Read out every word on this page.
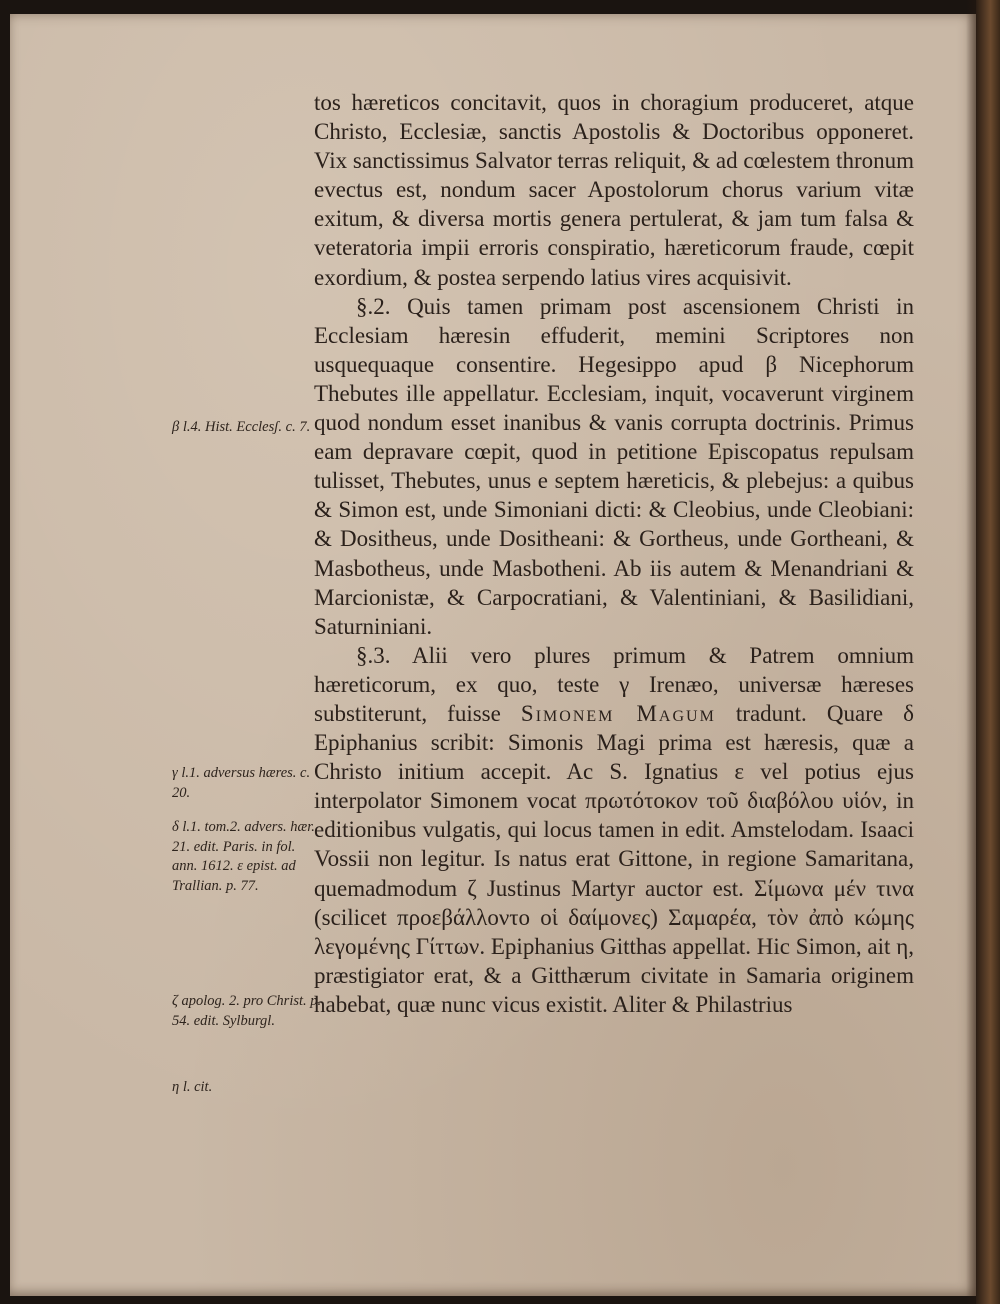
β l.4. Hist. Ecclesʃ. c. 7.
γ l.1. adversus hæres. c. 20.
δ l.1. tom.2. advers. hær. 21. edit. Paris. in fol. ann. 1612. ε epist. ad Trallian. p. 77.
ζ apolog. 2. pro Christ. p. 54. edit. Sylburgl.
η l. cit.

tos hæreticos concitavit, quos in choragium produceret, atque Christo, Ecclesiæ, sanctis Apostolis & Doctoribus opponeret. Vix sanctissimus Salvator terras reliquit, & ad cœlestem thronum evectus est, nondum sacer Apostolorum chorus varium vitæ exitum, & diversa mortis genera pertulerat, & jam tum falsa & veteratoria impii erroris conspiratio, hæreticorum fraude, cœpit exordium, & postea serpendo latius vires acquisivit.

§.2. Quis tamen primam post ascensionem Christi in Ecclesiam hæresin effuderit, memini Scriptores non usquequaque consentire. Hegesippo apud β Nicephorum Thebutes ille appellatur. Ecclesiam, inquit, vocaverunt virginem quod nondum esset inanibus & vanis corrupta doctrinis. Primus eam depravare cœpit, quod in petitione Episcopatus repulsam tulisset, Thebutes, unus e septem hæreticis, & plebejus: a quibus & Simon est, unde Simoniani dicti: & Cleobius, unde Cleobiani: & Dositheus, unde Dositheani: & Gortheus, unde Gortheani, & Masbotheus, unde Masbotheni. Ab iis autem & Menandriani & Marcionistæ, & Carpocratiani, & Valentiniani, & Basilidiani, Saturniniani.

§.3. Alii vero plures primum & Patrem omnium hæreticorum, ex quo, teste γ Irenæo, universæ hæreses substiterunt, fuisse Simonem Magum tradunt. Quare δ Epiphanius scribit: Simonis Magi prima est hæresis, quæ a Christo initium accepit. Ac S. Ignatius ε vel potius ejus interpolator Simonem vocat πρωτότοκον τοῦ διαβόλου υἱόν, in editionibus vulgatis, qui locus tamen in edit. Amstelodam. Isaaci Vossii non legitur. Is natus erat Gittone, in regione Samaritana, quemadmodum ζ Justinus Martyr auctor est. Σίμωνα μέν τινα (scilicet προεβάλλοντο οἱ δαίμονες) Σαμαρέα, τὸν ἀπὸ κώμης λεγομένης Γίττων. Epiphanius Gitthas appellat. Hic Simon, ait η, præstigiator erat, & a Gitthærum civitate in Samaria originem habebat, quæ nunc vicus existit. Aliter & Philastrius
